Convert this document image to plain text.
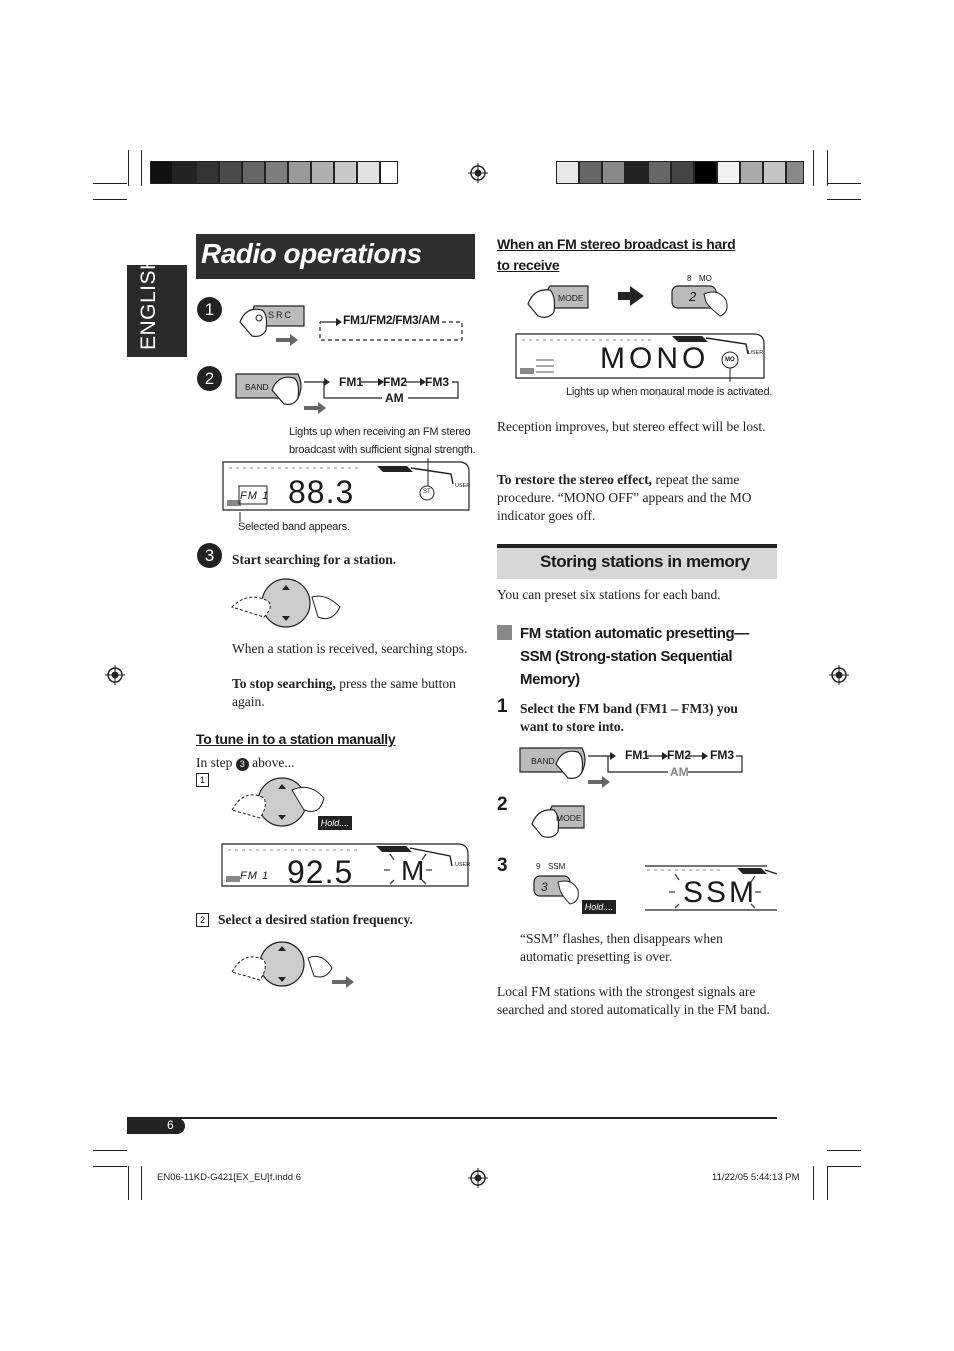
ENGLISH
Radio operations
1	SRC	FM1/FM2/FM3/AM
2	BAND	FM1 FM2 FM3
AM
Lights up when receiving an FM stereo broadcast with sufficient signal strength.
FM 1 88.3	ST
USER
Selected band appears.
3	Start searching for a station.
When a station is received, searching stops.
To stop searching, press the same button again.
To tune in to a station manually
In step 3 above...
1
Hold....
FM 1 92.5 M	USER
2 Select a desired station frequency.
When an FM stereo broadcast is hard to receive
MODE	2
8 MO
MONO	MO
USER
Lights up when monaural mode is activated.
Reception improves, but stereo effect will be lost.
To restore the stereo effect, repeat the same procedure. “MONO OFF” appears and the MO indicator goes off.
Storing stations in memory
You can preset six stations for each band.
FM station automatic presetting—
SSM (Strong-station Sequential
Memory)
1 Select the FM band (FM1 – FM3) you
want to store into.
BAND	FM1 FM2 FM3
AM
2
MODE
3	9 SSM
3
Hold.... SSM
“SSM” flashes, then disappears when automatic presetting is over.
Local FM stations with the strongest signals are searched and stored automatically in the FM band.
6
EN06-11KD-G421[EX_EU]f.indd 6	11/22/05 5:44:13 PM
